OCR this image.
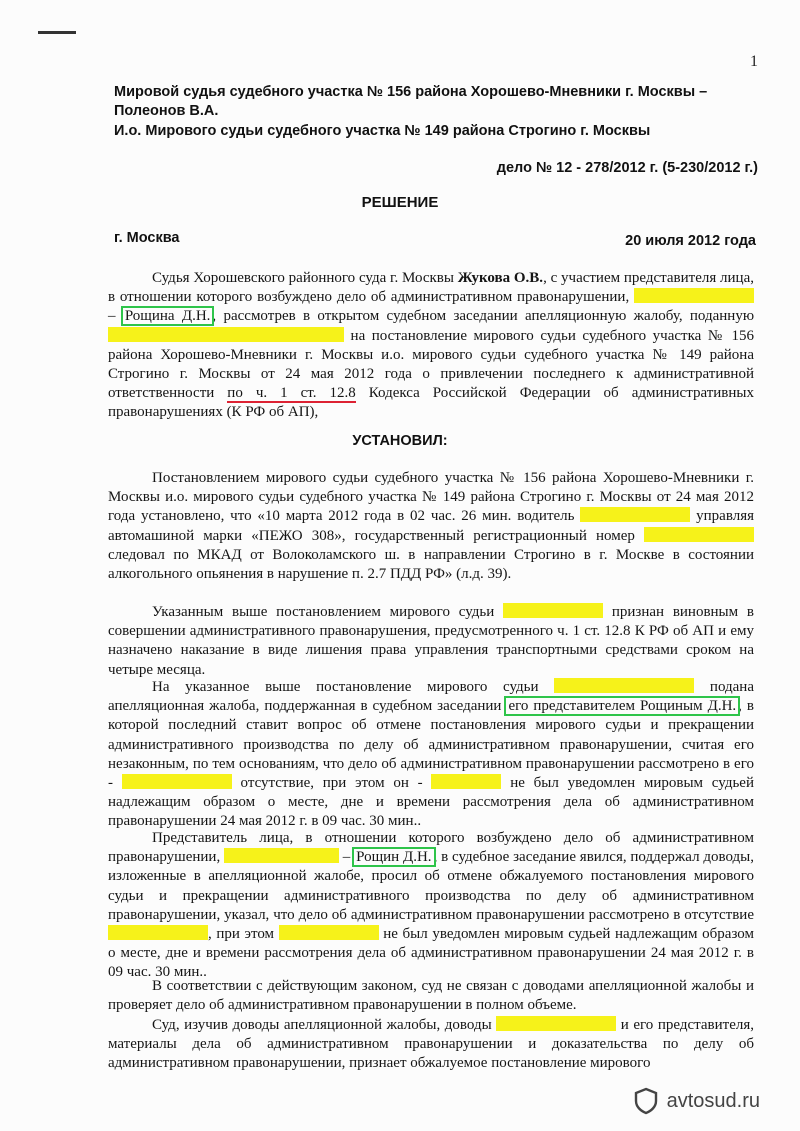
1
Мировой судья судебного участка № 156 района Хорошево-Мневники г. Москвы –
Полеонов В.А.
И.о. Мирового судьи судебного участка № 149 района Строгино г. Москвы
дело № 12 - 278/2012 г. (5-230/2012 г.)
РЕШЕНИЕ
г. Москва	20 июля 2012 года

Судья Хорошевского районного суда г. Москвы Жукова О.В., с участием представителя лица, в отношении которого возбуждено дело об административном правонарушении,  – Рощина Д.Н. , рассмотрев в открытом судебном заседании апелляционную жалобу, поданную  на постановление мирового судьи судебного участка № 156 района Хорошево-Мневники г. Москвы и.о. мирового судьи судебного участка № 149 района Строгино г. Москвы от 24 мая 2012 года о привлечении последнего к административной ответственности по ч. 1 ст. 12.8 Кодекса Российской Федерации об административных правонарушениях (К РФ об АП),

УСТАНОВИЛ:

Постановлением мирового судьи судебного участка № 156 района Хорошево-Мневники г. Москвы и.о. мирового судьи судебного участка № 149 района Строгино г. Москвы от 24 мая 2012 года установлено, что «10 марта 2012 года в 02 час. 26 мин. водитель	управляя автомашиной марки «ПЕЖО 308», государственный регистрационный номер  следовал по МКАД от Волоколамского ш. в направлении Строгино в г. Москве в состоянии алкогольного опьянения в нарушение п. 2.7 ПДД РФ» (л.д. 39).

Указанным выше постановлением мирового судьи	признан виновным в совершении административного правонарушения, предусмотренного ч. 1 ст. 12.8 К РФ об АП и ему назначено наказание в виде лишения права управления транспортными средствами сроком на четыре месяца.

На указанное выше постановление мирового судьи	подана апелляционная жалоба, поддержанная в судебном заседании его представителем Рощиным Д.Н. , в которой последний ставит вопрос об отмене постановления мирового судьи и прекращении административного производства по делу об административном правонарушении, считая его незаконным, по тем основаниям, что дело об административном правонарушении рассмотрено в его -	отсутствие, при этом он -	не был уведомлен мировым судьей надлежащим образом о месте, дне и времени рассмотрения дела об административном правонарушении 24 мая 2012 г. в 09 час. 30 мин..

Представитель лица, в отношении которого возбуждено дело об административном правонарушении,	– Рощин Д.Н. , в судебное заседание явился, поддержал доводы, изложенные в апелляционной жалобе, просил об отмене обжалуемого постановления мирового судьи и прекращении административного производства по делу об административном правонарушении, указал, что дело об административном правонарушении рассмотрено в отсутствие , при этом	не был уведомлен мировым судьей надлежащим образом о месте, дне и времени рассмотрения дела об административном правонарушении 24 мая 2012 г. в 09 час. 30 мин..

В соответствии с действующим законом, суд не связан с доводами апелляционной жалобы и проверяет дело об административном правонарушении в полном объеме.

Суд, изучив доводы апелляционной жалобы, доводы	и его представителя, материалы дела об административном правонарушении и доказательства по делу об административном правонарушении, признает обжалуемое постановление мирового

avtosud.ru
